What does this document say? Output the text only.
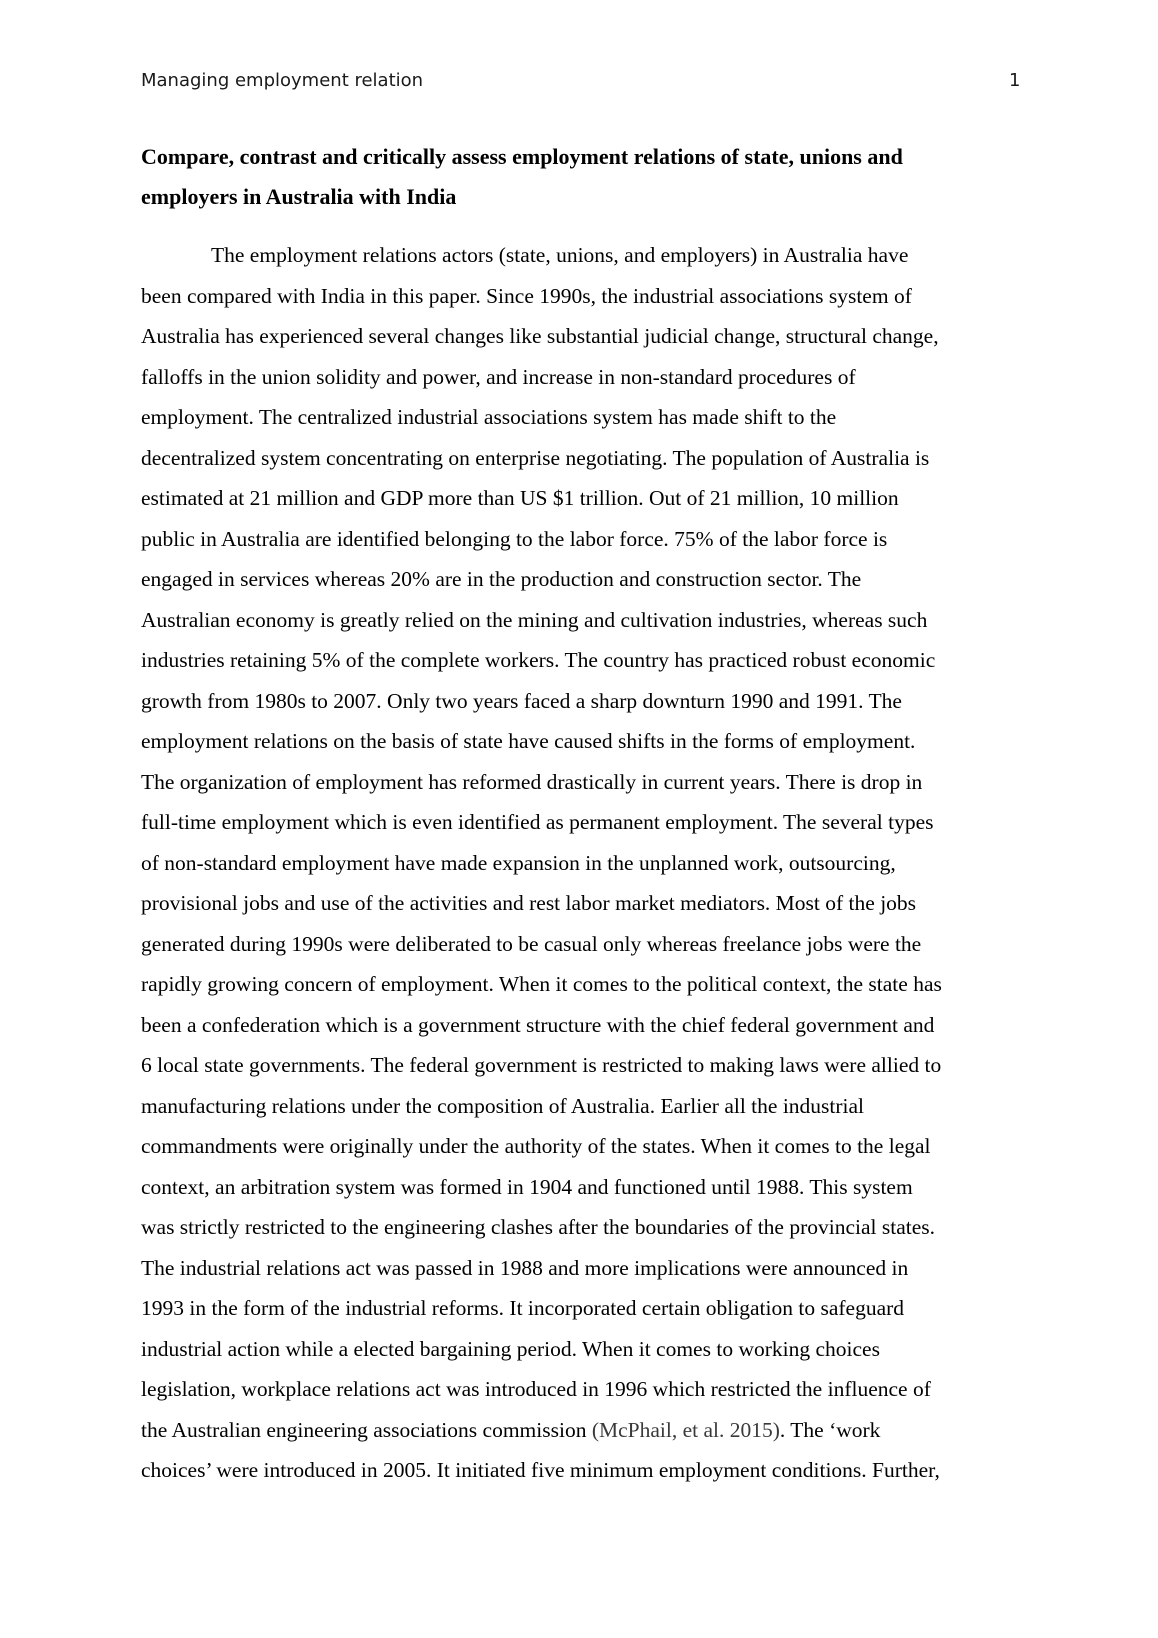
Managing employment relation	1
Compare, contrast and critically assess employment relations of state, unions and
employers in Australia with India
The employment relations actors (state, unions, and employers) in Australia have
been compared with India in this paper. Since 1990s, the industrial associations system of
Australia has experienced several changes like substantial judicial change, structural change,
falloffs in the union solidity and power, and increase in non-standard procedures of
employment. The centralized industrial associations system has made shift to the
decentralized system concentrating on enterprise negotiating. The population of Australia is
estimated at 21 million and GDP more than US $1 trillion. Out of 21 million, 10 million
public in Australia are identified belonging to the labor force. 75% of the labor force is
engaged in services whereas 20% are in the production and construction sector. The
Australian economy is greatly relied on the mining and cultivation industries, whereas such
industries retaining 5% of the complete workers. The country has practiced robust economic
growth from 1980s to 2007. Only two years faced a sharp downturn 1990 and 1991. The
employment relations on the basis of state have caused shifts in the forms of employment.
The organization of employment has reformed drastically in current years. There is drop in
full-time employment which is even identified as permanent employment. The several types
of non-standard employment have made expansion in the unplanned work, outsourcing,
provisional jobs and use of the activities and rest labor market mediators. Most of the jobs
generated during 1990s were deliberated to be casual only whereas freelance jobs were the
rapidly growing concern of employment. When it comes to the political context, the state has
been a confederation which is a government structure with the chief federal government and
6 local state governments. The federal government is restricted to making laws were allied to
manufacturing relations under the composition of Australia. Earlier all the industrial
commandments were originally under the authority of the states. When it comes to the legal
context, an arbitration system was formed in 1904 and functioned until 1988. This system
was strictly restricted to the engineering clashes after the boundaries of the provincial states.
The industrial relations act was passed in 1988 and more implications were announced in
1993 in the form of the industrial reforms. It incorporated certain obligation to safeguard
industrial action while a elected bargaining period. When it comes to working choices
legislation, workplace relations act was introduced in 1996 which restricted the influence of
the Australian engineering associations commission (McPhail, et al. 2015). The ‘work
choices’ were introduced in 2005. It initiated five minimum employment conditions. Further,
